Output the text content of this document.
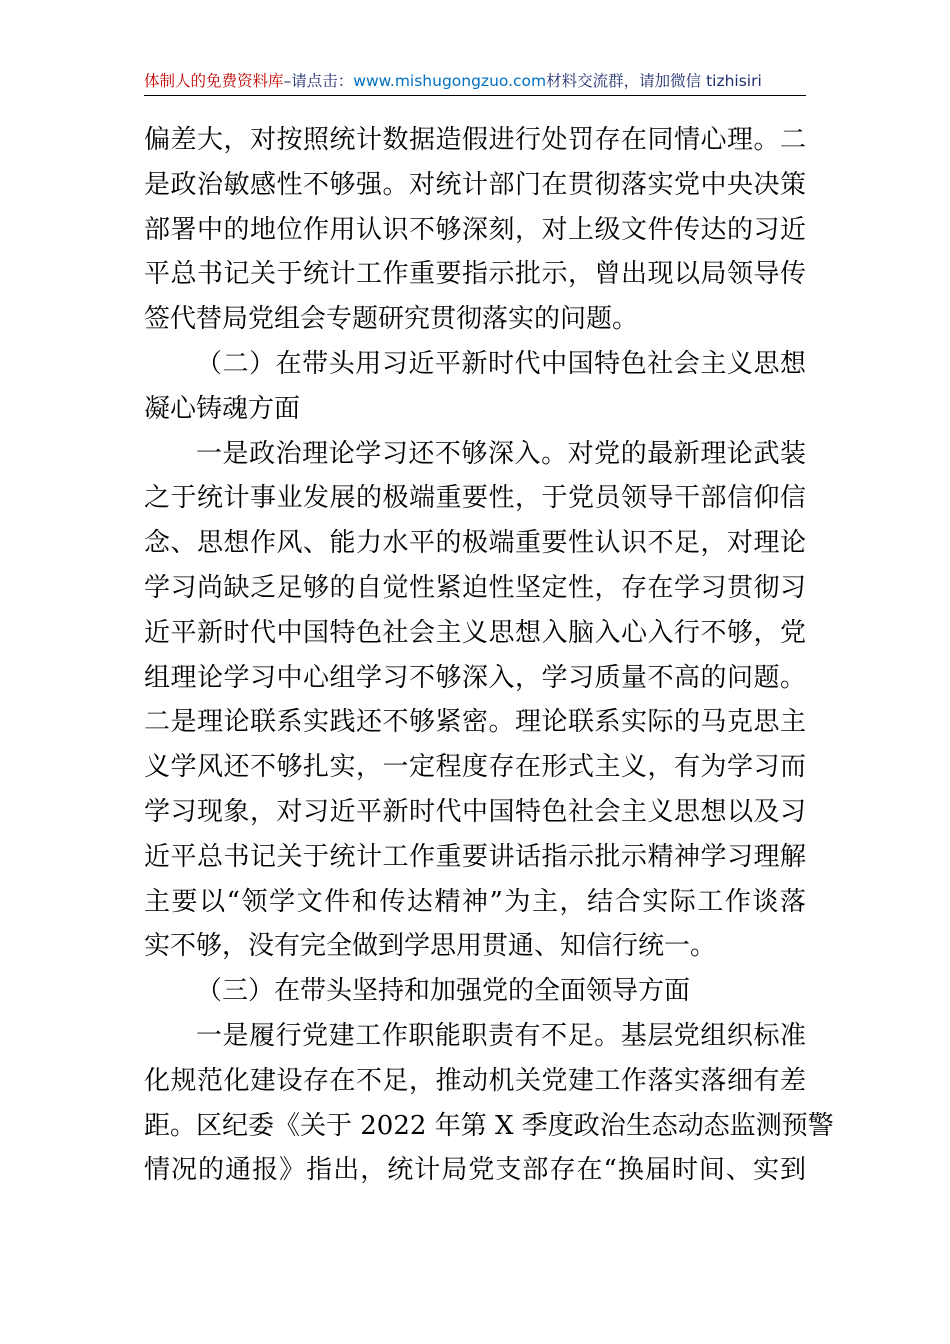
体制人的免费资料库–请点击：www.mishugongzuo.com材料交流群，请加微信 tizhisiri
偏差大，对按照统计数据造假进行处罚存在同情心理。二
是政治敏感性不够强。对统计部门在贯彻落实党中央决策
部署中的地位作用认识不够深刻，对上级文件传达的习近
平总书记关于统计工作重要指示批示，曾出现以局领导传
签代替局党组会专题研究贯彻落实的问题。
（二）在带头用习近平新时代中国特色社会主义思想
凝心铸魂方面
一是政治理论学习还不够深入。对党的最新理论武装
之于统计事业发展的极端重要性，于党员领导干部信仰信
念、思想作风、能力水平的极端重要性认识不足，对理论
学习尚缺乏足够的自觉性紧迫性坚定性，存在学习贯彻习
近平新时代中国特色社会主义思想入脑入心入行不够，党
组理论学习中心组学习不够深入，学习质量不高的问题。
二是理论联系实践还不够紧密。理论联系实际的马克思主
义学风还不够扎实，一定程度存在形式主义，有为学习而
学习现象，对习近平新时代中国特色社会主义思想以及习
近平总书记关于统计工作重要讲话指示批示精神学习理解
主要以“领学文件和传达精神”为主，结合实际工作谈落
实不够，没有完全做到学思用贯通、知信行统一。
（三）在带头坚持和加强党的全面领导方面
一是履行党建工作职能职责有不足。基层党组织标准
化规范化建设存在不足，推动机关党建工作落实落细有差
距。区纪委《关于 2022 年第 X 季度政治生态动态监测预警
情况的通报》指出，统计局党支部存在“换届时间、实到
